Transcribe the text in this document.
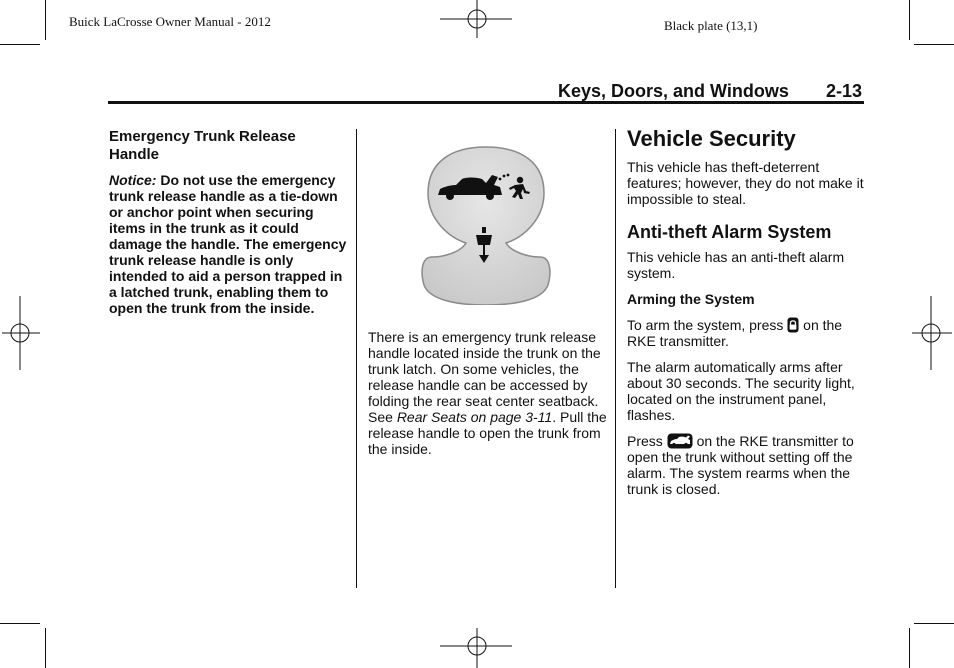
Buick LaCrosse Owner Manual - 2012	Black plate (13,1)
Keys, Doors, and Windows 2-13
Emergency Trunk Release Handle

Notice: Do not use the emergency trunk release handle as a tie-down or anchor point when securing items in the trunk as it could damage the handle. The emergency trunk release handle is only intended to aid a person trapped in a latched trunk, enabling them to open the trunk from the inside.

There is an emergency trunk release handle located inside the trunk on the trunk latch. On some vehicles, the release handle can be accessed by folding the rear seat center seatback. See Rear Seats on page 3-11. Pull the release handle to open the trunk from the inside.

Vehicle Security

This vehicle has theft-deterrent features; however, they do not make it impossible to steal.

Anti-theft Alarm System

This vehicle has an anti-theft alarm system.

Arming the System

To arm the system, press  on the RKE transmitter.

The alarm automatically arms after about 30 seconds. The security light, located on the instrument panel, flashes.

Press  on the RKE transmitter to open the trunk without setting off the alarm. The system rearms when the trunk is closed.
